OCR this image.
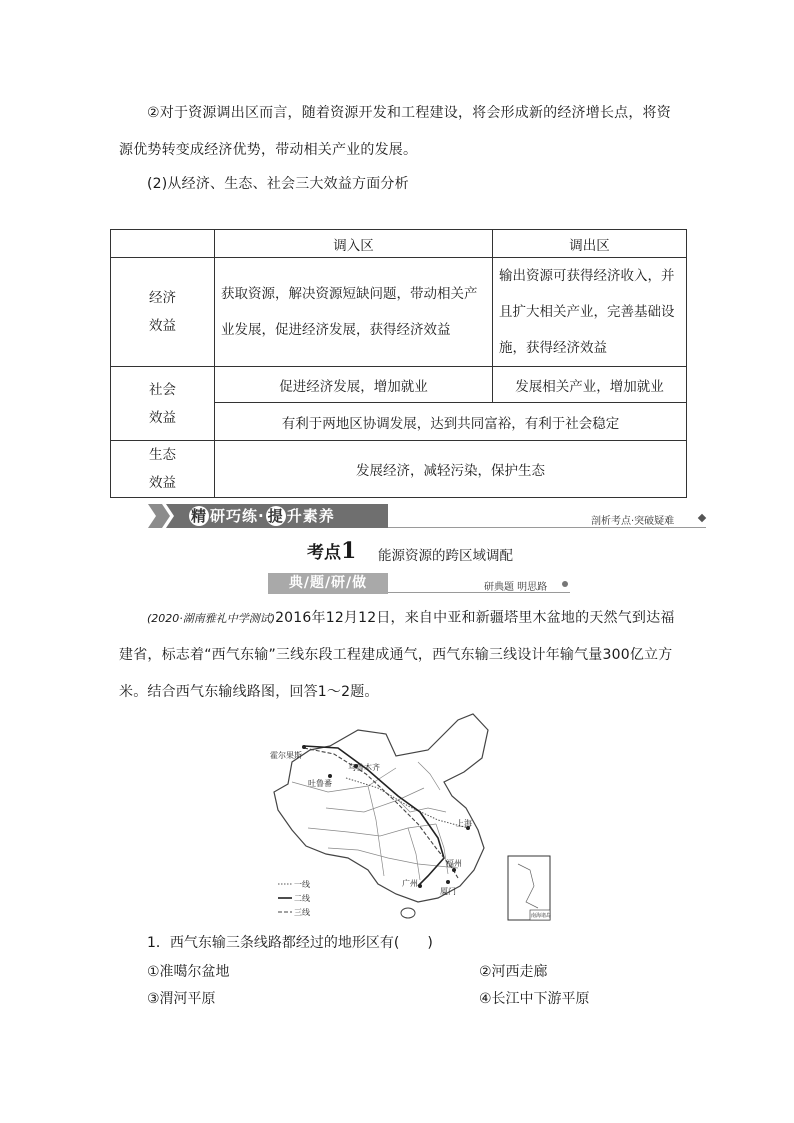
②对于资源调出区而言，随着资源开发和工程建设，将会形成新的经济增长点，将资源优势转变成经济优势，带动相关产业的发展。

(2)从经济、生态、社会三大效益方面分析

	调入区	调出区

经济
效益	获取资源，解决资源短缺问题，带动相关产业发展，促进经济发展，获得经济效益	输出资源可获得经济收入，并且扩大相关产业，完善基础设施，获得经济效益

社会
效益	促进经济发展，增加就业	发展相关产业，增加就业
	有利于两地区协调发展，达到共同富裕，有利于社会稳定	

生态
效益	发展经济，减轻污染，保护生态	
精 研巧练· 提 升素养	剖析考点·突破疑难
考点1 能源资源的跨区域调配
典/题/研/做	研典题 明思路

(2020·湖南雅礼中学测试)2016年12月12日，来自中亚和新疆塔里木盆地的天然气到达福建省，标志着“西气东输”三线东段工程建成通气，西气东输三线设计年输气量300亿立方米。结合西气东输线路图，回答1～2题。

霍尔果斯
乌鲁木齐
吐鲁番
上海
福州
广州
厦门
一线
二线
三线	南海诸岛
1．西气东输三条线路都经过的地形区有(　　)
①准噶尔盆地	②河西走廊
③渭河平原	④长江中下游平原
